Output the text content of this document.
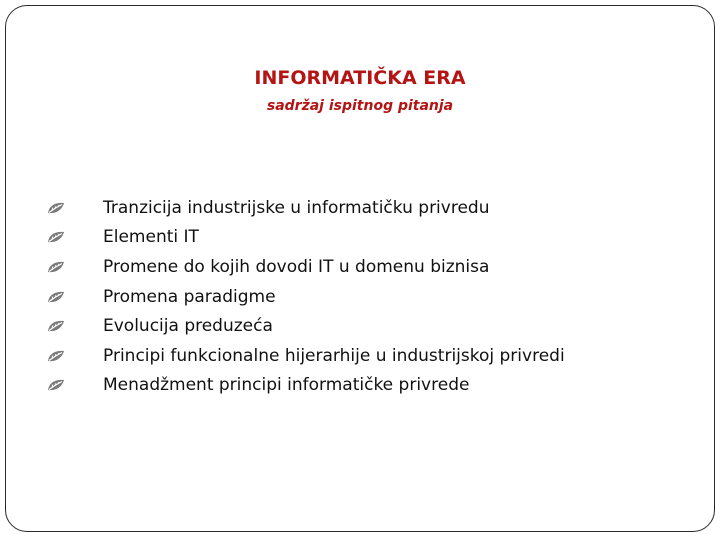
INFORMATIČKA ERA

sadržaj ispitnog pitanja

Tranzicija industrijske u informatičku privredu
Elementi IT
Promene do kojih dovodi IT u domenu biznisa
Promena paradigme
Evolucija preduzeća
Principi funkcionalne hijerarhije u industrijskoj privredi
Menadžment principi informatičke privrede
